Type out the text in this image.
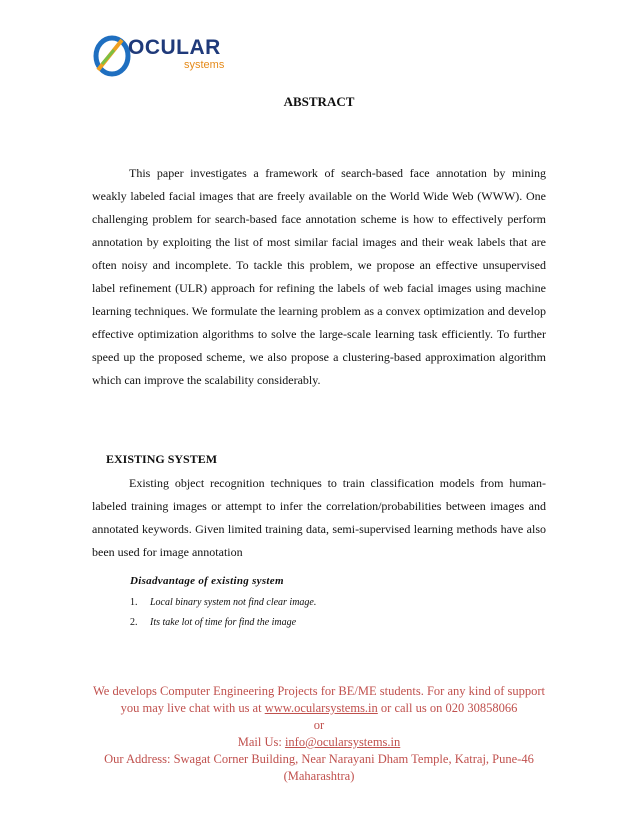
OCULAR
systems
ABSTRACT

This paper investigates a framework of search-based face annotation by mining weakly labeled facial images that are freely available on the World Wide Web (WWW). One challenging problem for search-based face annotation scheme is how to effectively perform annotation by exploiting the list of most similar facial images and their weak labels that are often noisy and incomplete. To tackle this problem, we propose an effective unsupervised label refinement (ULR) approach for refining the labels of web facial images using machine learning techniques. We formulate the learning problem as a convex optimization and develop effective optimization algorithms to solve the large-scale learning task efficiently. To further speed up the proposed scheme, we also propose a clustering-based approximation algorithm which can improve the scalability considerably.

EXISTING SYSTEM

Existing object recognition techniques to train classification models from human-labeled training images or attempt to infer the correlation/probabilities between images and annotated keywords. Given limited training data, semi-supervised learning methods have also been used for image annotation

Disadvantage of existing system
1. Local binary system not find clear image.
2. Its take lot of time for find the image
We develops Computer Engineering Projects for BE/ME students. For any kind of support you may live chat with us at www.ocularsystems.in or call us on 020 30858066
or
Mail Us: info@ocularsystems.in
Our Address: Swagat Corner Building, Near Narayani Dham Temple, Katraj, Pune-46 (Maharashtra)
